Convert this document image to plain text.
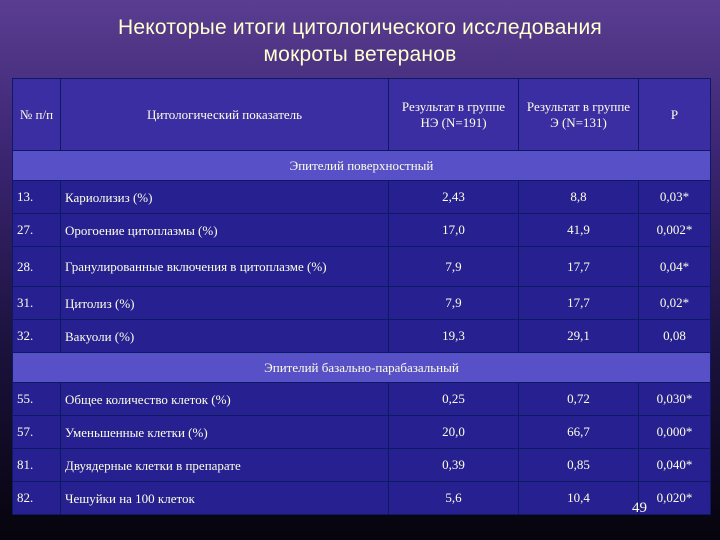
Некоторые итоги цитологического исследования
мокроты ветеранов
№ п/п	Цитологический показатель	Результат в группе НЭ (N=191)	Результат в группе Э (N=131)	P
Эпителий поверхностный				
13.	Кариолизиз (%)	2,43	8,8	0,03*
27.	Орогоение цитоплазмы (%)	17,0	41,9	0,002*
28.	Гранулированные включения в цитоплазме (%)	7,9	17,7	0,04*
31.	Цитолиз (%)	7,9	17,7	0,02*
32.	Вакуоли (%)	19,3	29,1	0,08
Эпителий базально-парабазальный				
55.	Общее количество клеток (%)	0,25	0,72	0,030*
57.	Уменьшенные клетки (%)	20,0	66,7	0,000*
81.	Двуядерные клетки в препарате	0,39	0,85	0,040*
82.	Чешуйки на 100 клеток	5,6	10,4	0,020*
49
